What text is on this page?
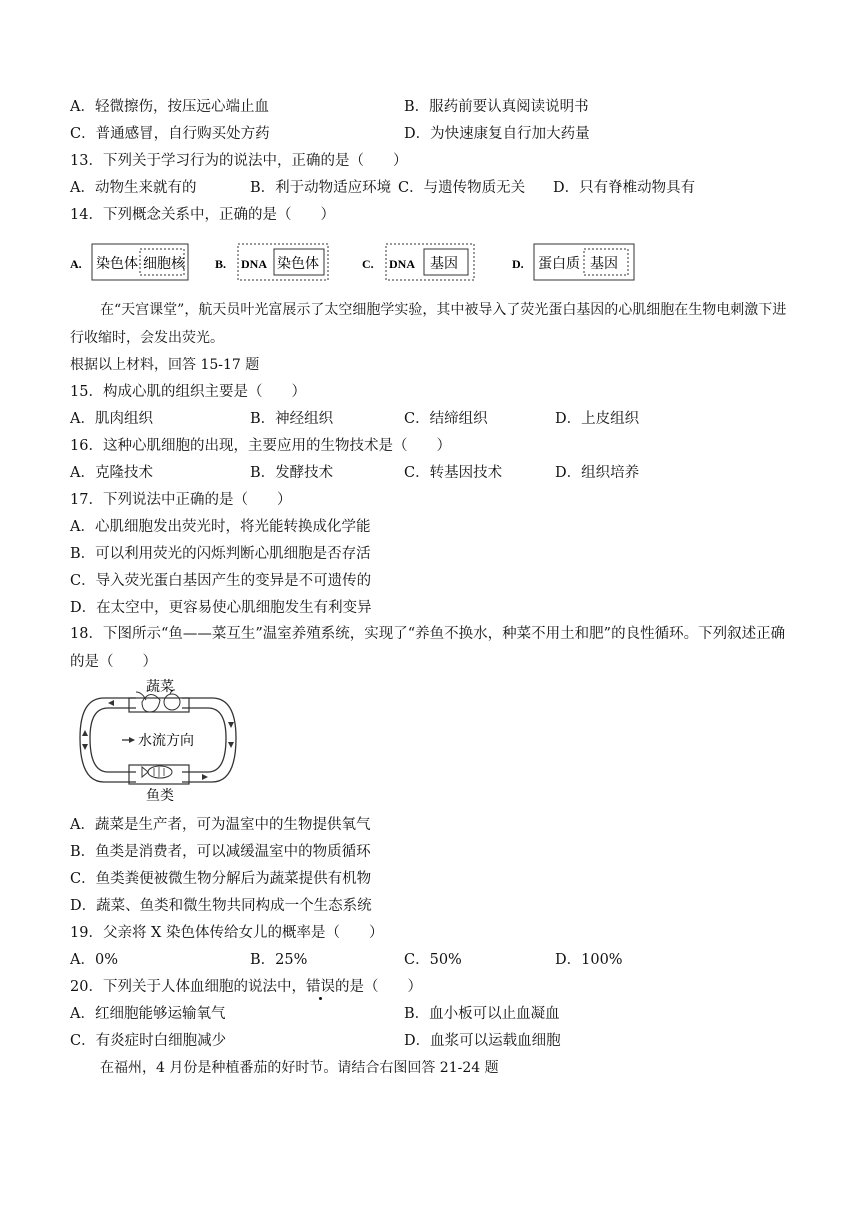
A．轻微擦伤，按压远心端止血	B．服药前要认真阅读说明书
C．普通感冒，自行购买处方药	D．为快速康复自行加大药量
13．下列关于学习行为的说法中，正确的是（　　）
A．动物生来就有的	B．利于动物适应环境 C．与遗传物质无关 D．只有脊椎动物具有
14．下列概念关系中，正确的是（　　）
A. 染色体 细胞核	B. DNA 染色体	C. DNA 基因	D. 蛋白质 基因
在“天宫课堂”，航天员叶光富展示了太空细胞学实验，其中被导入了荧光蛋白基因的心肌细胞在生物电刺激下进行收缩时，会发出荧光。
根据以上材料，回答 15-17 题
15．构成心肌的组织主要是（　　）
A．肌肉组织	B．神经组织	C．结缔组织	D．上皮组织
16．这种心肌细胞的出现，主要应用的生物技术是（　　）
A．克隆技术	B．发酵技术	C．转基因技术	D．组织培养
17．下列说法中正确的是（　　）
A．心肌细胞发出荧光时，将光能转换成化学能
B．可以利用荧光的闪烁判断心肌细胞是否存活
C．导入荧光蛋白基因产生的变异是不可遗传的
D．在太空中，更容易使心肌细胞发生有利变异
18．下图所示“鱼——菜互生”温室养殖系统，实现了“养鱼不换水，种菜不用土和肥”的良性循环。下列叙述正确的是（　　）
水流方向
蔬菜
鱼类
A．蔬菜是生产者，可为温室中的生物提供氧气
B．鱼类是消费者，可以减缓温室中的物质循环
C．鱼类粪便被微生物分解后为蔬菜提供有机物
D．蔬菜、鱼类和微生物共同构成一个生态系统
19．父亲将 X 染色体传给女儿的概率是（　　）
A．0%	B．25%	C．50%	D．100%
20．下列关于人体血细胞的说法中，错误的是（　　）
A．红细胞能够运输氧气	B．血小板可以止血凝血
C．有炎症时白细胞减少	D．血浆可以运载血细胞
在福州，4 月份是种植番茄的好时节。请结合右图回答 21-24 题
